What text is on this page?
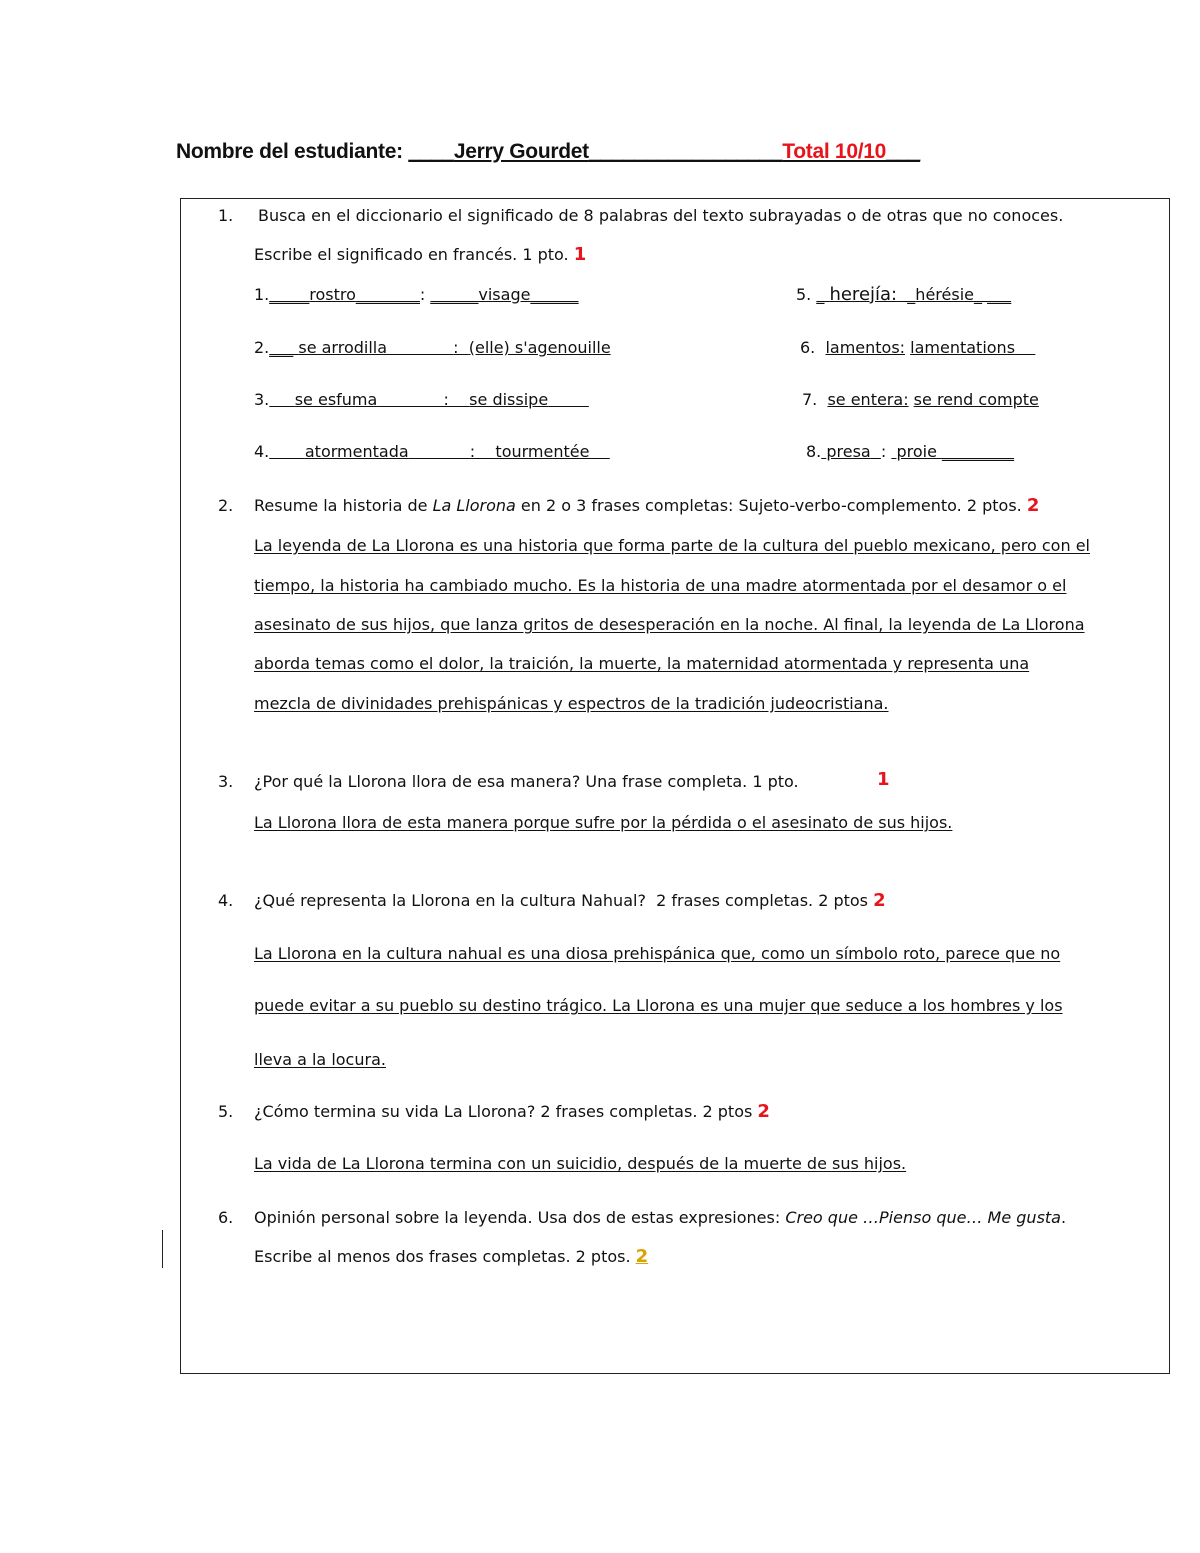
Nombre del estudiante: ____Jerry Gourdet_________________Total 10/10___
1. Busca en el diccionario el significado de 8 palabras del texto subrayadas o de otras que no conoces.
Escribe el significado en francés. 1 pto. 1
1._____rostro________: ______visage______
2.___ se arrodilla	:  (elle) s'agenouille
3. se esfuma	:    se dissipe
4. atormentada	:    tourmentée
5. _ herejía:  _hérésie_ ___
6. lamentos: lamentations
7. se entera: se rend compte
8. presa :  proie _________
2. Resume la historia de La Llorona en 2 o 3 frases completas: Sujeto-verbo-complemento. 2 ptos. 2
La leyenda de La Llorona es una historia que forma parte de la cultura del pueblo mexicano, pero con el
tiempo, la historia ha cambiado mucho. Es la historia de una madre atormentada por el desamor o el
asesinato de sus hijos, que lanza gritos de desesperación en la noche. Al final, la leyenda de La Llorona
aborda temas como el dolor, la traición, la muerte, la maternidad atormentada y representa una
mezcla de divinidades prehispánicas y espectros de la tradición judeocristiana.
3. ¿Por qué la Llorona llora de esa manera? Una frase completa. 1 pto.	1
La Llorona llora de esta manera porque sufre por la pérdida o el asesinato de sus hijos.
4. ¿Qué representa la Llorona en la cultura Nahual?  2 frases completas. 2 ptos 2
La Llorona en la cultura nahual es una diosa prehispánica que, como un símbolo roto, parece que no
puede evitar a su pueblo su destino trágico. La Llorona es una mujer que seduce a los hombres y los
lleva a la locura.
5. ¿Cómo termina su vida La Llorona? 2 frases completas. 2 ptos 2
La vida de La Llorona termina con un suicidio, después de la muerte de sus hijos.
6. Opinión personal sobre la leyenda. Usa dos de estas expresiones: Creo que …Pienso que… Me gusta.
Escribe al menos dos frases completas. 2 ptos. 2
